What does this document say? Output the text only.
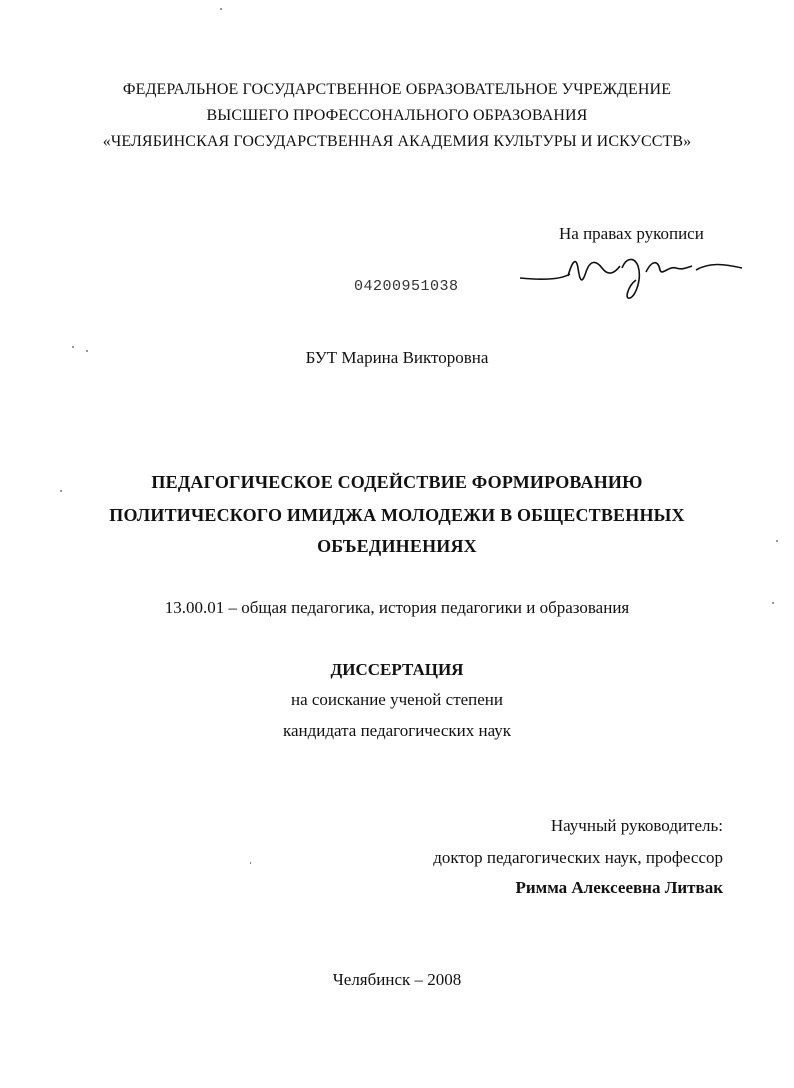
ФЕДЕРАЛЬНОЕ ГОСУДАРСТВЕННОЕ ОБРАЗОВАТЕЛЬНОЕ УЧРЕЖДЕНИЕ
ВЫСШЕГО ПРОФЕССОНАЛЬНОГО ОБРАЗОВАНИЯ
«ЧЕЛЯБИНСКАЯ ГОСУДАРСТВЕННАЯ АКАДЕМИЯ КУЛЬТУРЫ И ИСКУССТВ»
На правах рукописи
04200951038
БУТ Марина Викторовна
ПЕДАГОГИЧЕСКОЕ СОДЕЙСТВИЕ ФОРМИРОВАНИЮ
ПОЛИТИЧЕСКОГО ИМИДЖА МОЛОДЕЖИ В ОБЩЕСТВЕННЫХ
ОБЪЕДИНЕНИЯХ
13.00.01 – общая педагогика, история педагогики и образования
ДИССЕРТАЦИЯ
на соискание ученой степени
кандидата педагогических наук
Научный руководитель:
доктор педагогических наук, профессор
Римма Алексеевна Литвак
Челябинск – 2008
